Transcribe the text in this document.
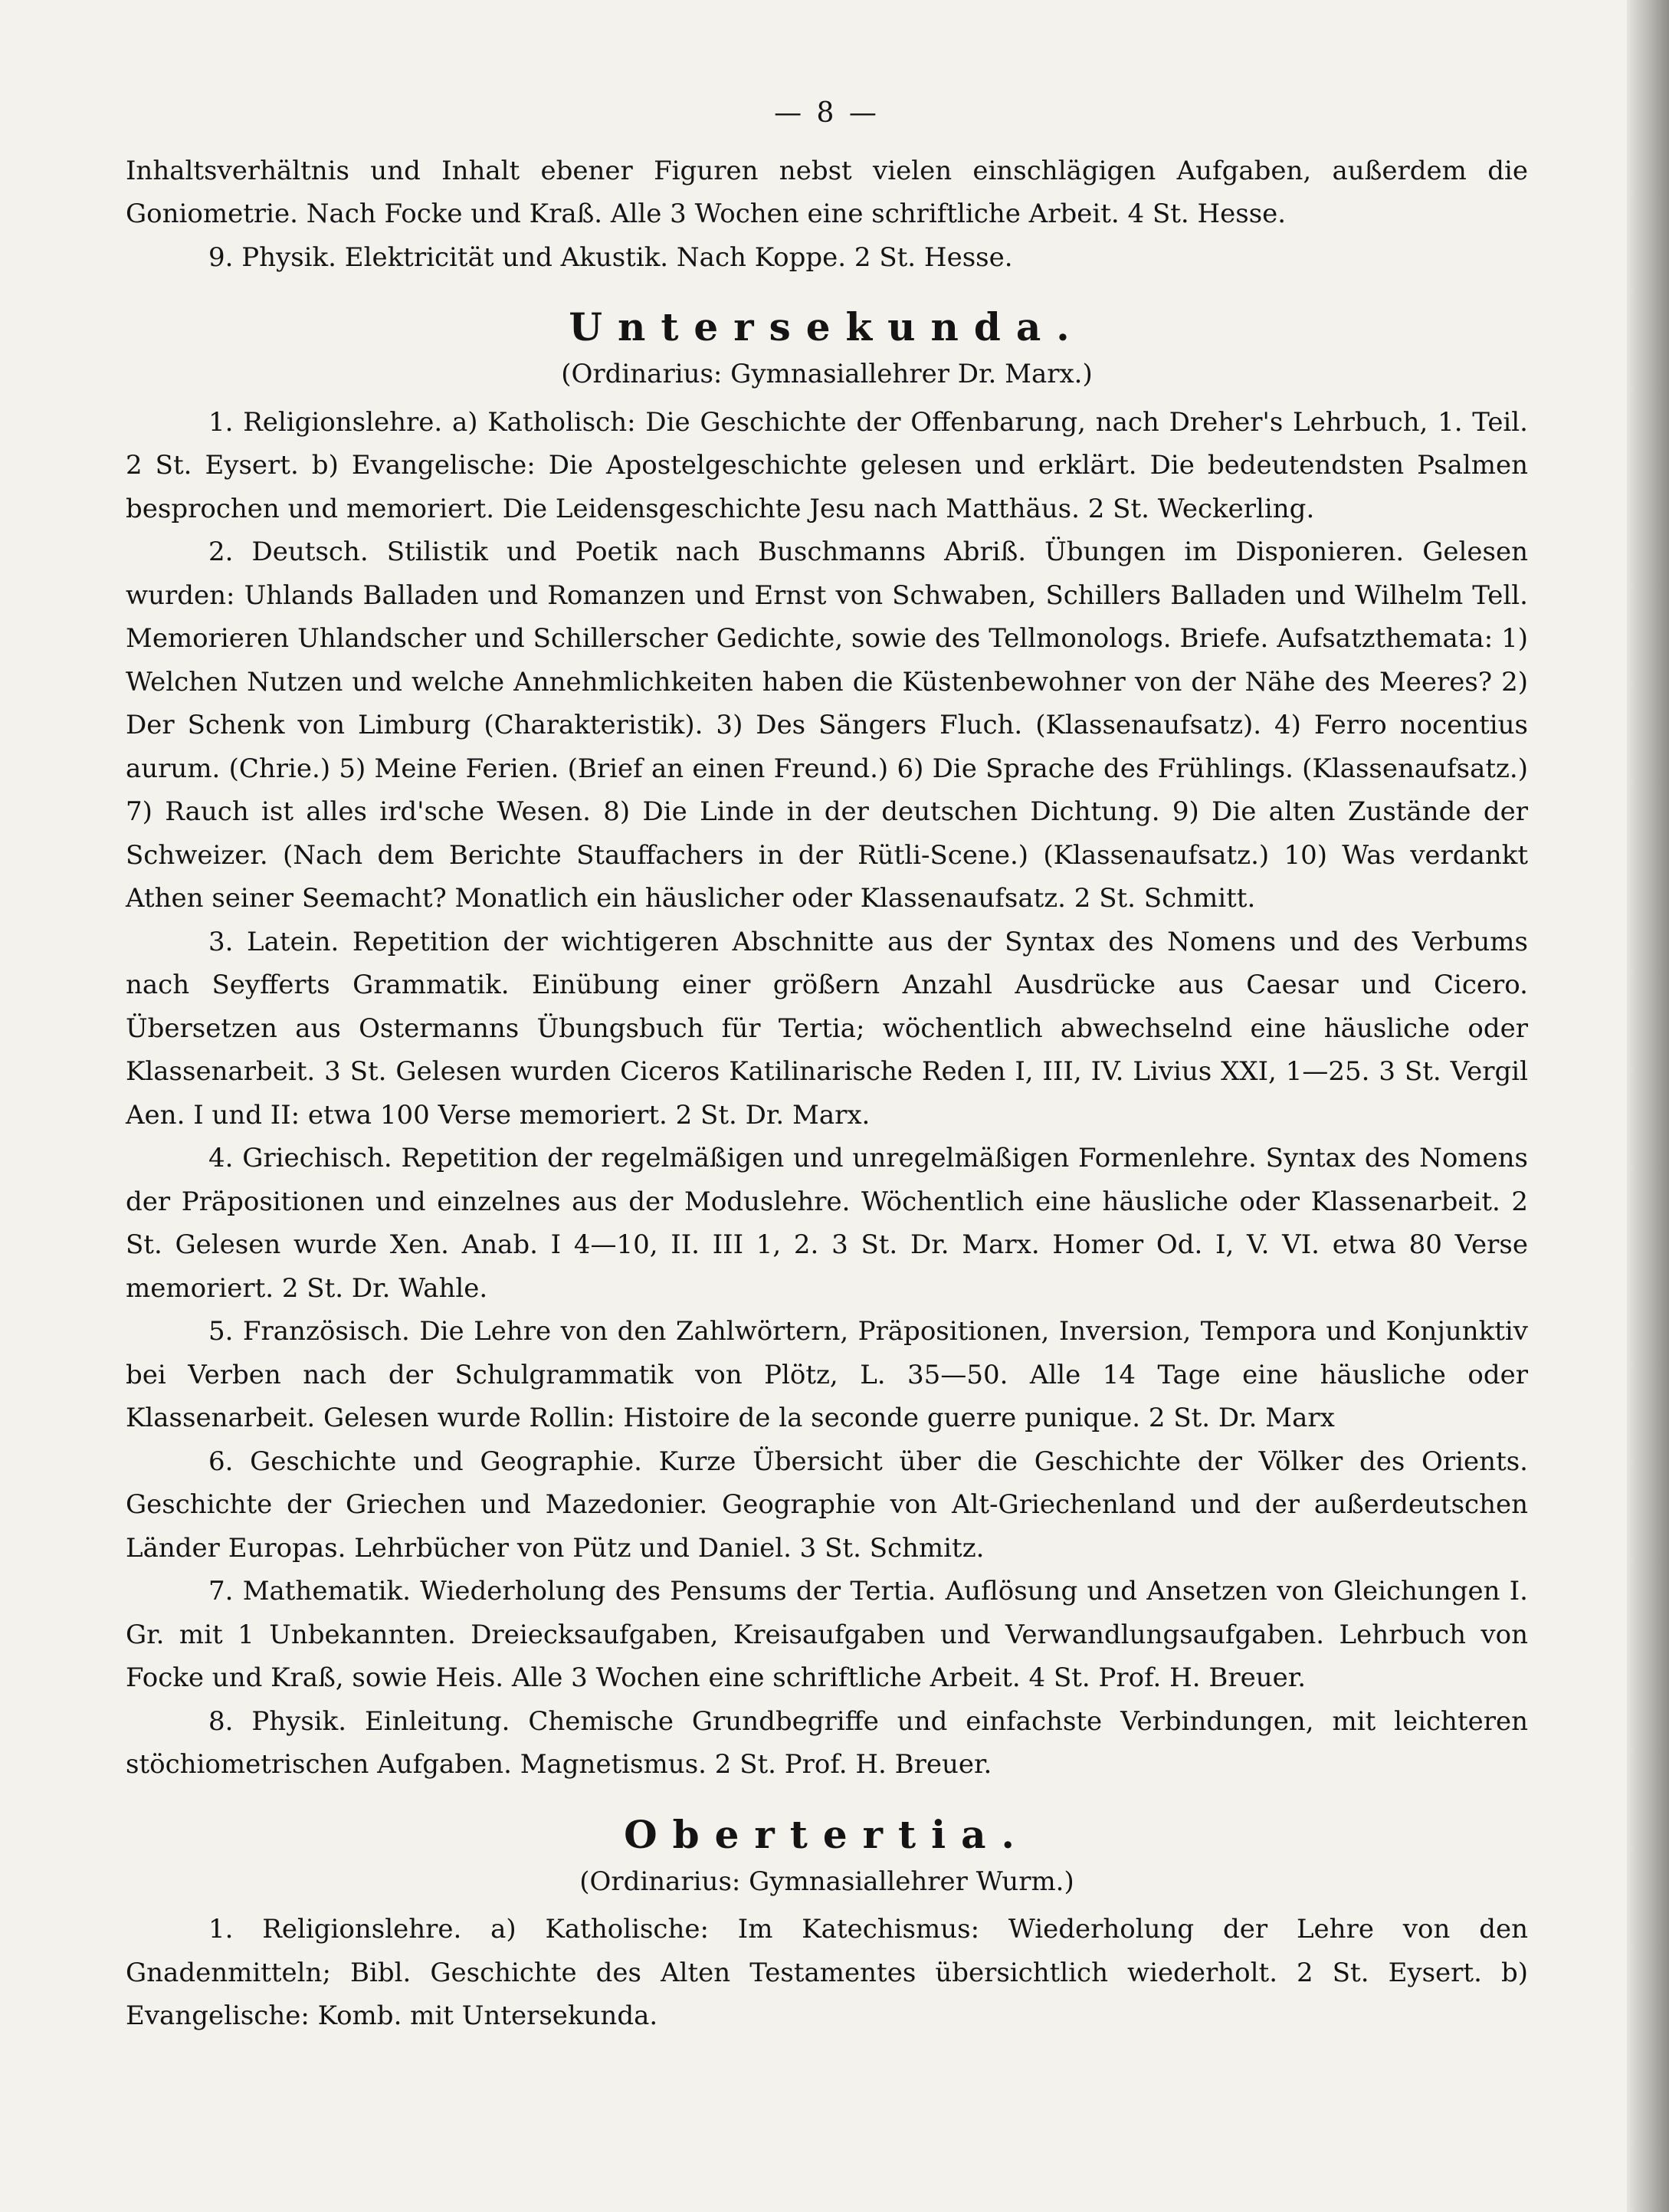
— 8 —

Inhaltsverhältnis und Inhalt ebener Figuren nebst vielen einschlägigen Aufgaben, außerdem die Goniometrie. Nach Focke und Kraß. Alle 3 Wochen eine schriftliche Arbeit. 4 St. Hesse.

9. Physik. Elektricität und Akustik. Nach Koppe. 2 St. Hesse.

Untersekunda.
(Ordinarius: Gymnasiallehrer Dr. Marx.)

1. Religionslehre. a) Katholisch: Die Geschichte der Offenbarung, nach Dreher's Lehrbuch, 1. Teil. 2 St. Eysert. b) Evangelische: Die Apostelgeschichte gelesen und erklärt. Die bedeutendsten Psalmen besprochen und memoriert. Die Leidensgeschichte Jesu nach Matthäus. 2 St. Weckerling.

2. Deutsch. Stilistik und Poetik nach Buschmanns Abriß. Übungen im Disponieren. Gelesen wurden: Uhlands Balladen und Romanzen und Ernst von Schwaben, Schillers Balladen und Wilhelm Tell. Memorieren Uhlandscher und Schillerscher Gedichte, sowie des Tellmonologs. Briefe. Aufsatzthemata: 1) Welchen Nutzen und welche Annehmlichkeiten haben die Küstenbewohner von der Nähe des Meeres? 2) Der Schenk von Limburg (Charakteristik). 3) Des Sängers Fluch. (Klassenaufsatz). 4) Ferro nocentius aurum. (Chrie.) 5) Meine Ferien. (Brief an einen Freund.) 6) Die Sprache des Frühlings. (Klassenaufsatz.) 7) Rauch ist alles ird'sche Wesen. 8) Die Linde in der deutschen Dichtung. 9) Die alten Zustände der Schweizer. (Nach dem Berichte Stauffachers in der Rütli-Scene.) (Klassenaufsatz.) 10) Was verdankt Athen seiner Seemacht? Monatlich ein häuslicher oder Klassenaufsatz. 2 St. Schmitt.

3. Latein. Repetition der wichtigeren Abschnitte aus der Syntax des Nomens und des Verbums nach Seyfferts Grammatik. Einübung einer größern Anzahl Ausdrücke aus Caesar und Cicero. Übersetzen aus Ostermanns Übungsbuch für Tertia; wöchentlich abwechselnd eine häusliche oder Klassenarbeit. 3 St. Gelesen wurden Ciceros Katilinarische Reden I, III, IV. Livius XXI, 1—25. 3 St. Vergil Aen. I und II: etwa 100 Verse memoriert. 2 St. Dr. Marx.

4. Griechisch. Repetition der regelmäßigen und unregelmäßigen Formenlehre. Syntax des Nomens der Präpositionen und einzelnes aus der Moduslehre. Wöchentlich eine häusliche oder Klassenarbeit. 2 St. Gelesen wurde Xen. Anab. I 4—10, II. III 1, 2. 3 St. Dr. Marx. Homer Od. I, V. VI. etwa 80 Verse memoriert. 2 St. Dr. Wahle.

5. Französisch. Die Lehre von den Zahlwörtern, Präpositionen, Inversion, Tempora und Konjunktiv bei Verben nach der Schulgrammatik von Plötz, L. 35—50. Alle 14 Tage eine häusliche oder Klassenarbeit. Gelesen wurde Rollin: Histoire de la seconde guerre punique. 2 St. Dr. Marx

6. Geschichte und Geographie. Kurze Übersicht über die Geschichte der Völker des Orients. Geschichte der Griechen und Mazedonier. Geographie von Alt-Griechenland und der außerdeutschen Länder Europas. Lehrbücher von Pütz und Daniel. 3 St. Schmitz.

7. Mathematik. Wiederholung des Pensums der Tertia. Auflösung und Ansetzen von Gleichungen I. Gr. mit 1 Unbekannten. Dreiecksaufgaben, Kreisaufgaben und Verwandlungsaufgaben. Lehrbuch von Focke und Kraß, sowie Heis. Alle 3 Wochen eine schriftliche Arbeit. 4 St. Prof. H. Breuer.

8. Physik. Einleitung. Chemische Grundbegriffe und einfachste Verbindungen, mit leichteren stöchiometrischen Aufgaben. Magnetismus. 2 St. Prof. H. Breuer.

Obertertia.
(Ordinarius: Gymnasiallehrer Wurm.)

1. Religionslehre. a) Katholische: Im Katechismus: Wiederholung der Lehre von den Gnadenmitteln; Bibl. Geschichte des Alten Testamentes übersichtlich wiederholt. 2 St. Eysert. b) Evangelische: Komb. mit Untersekunda.
